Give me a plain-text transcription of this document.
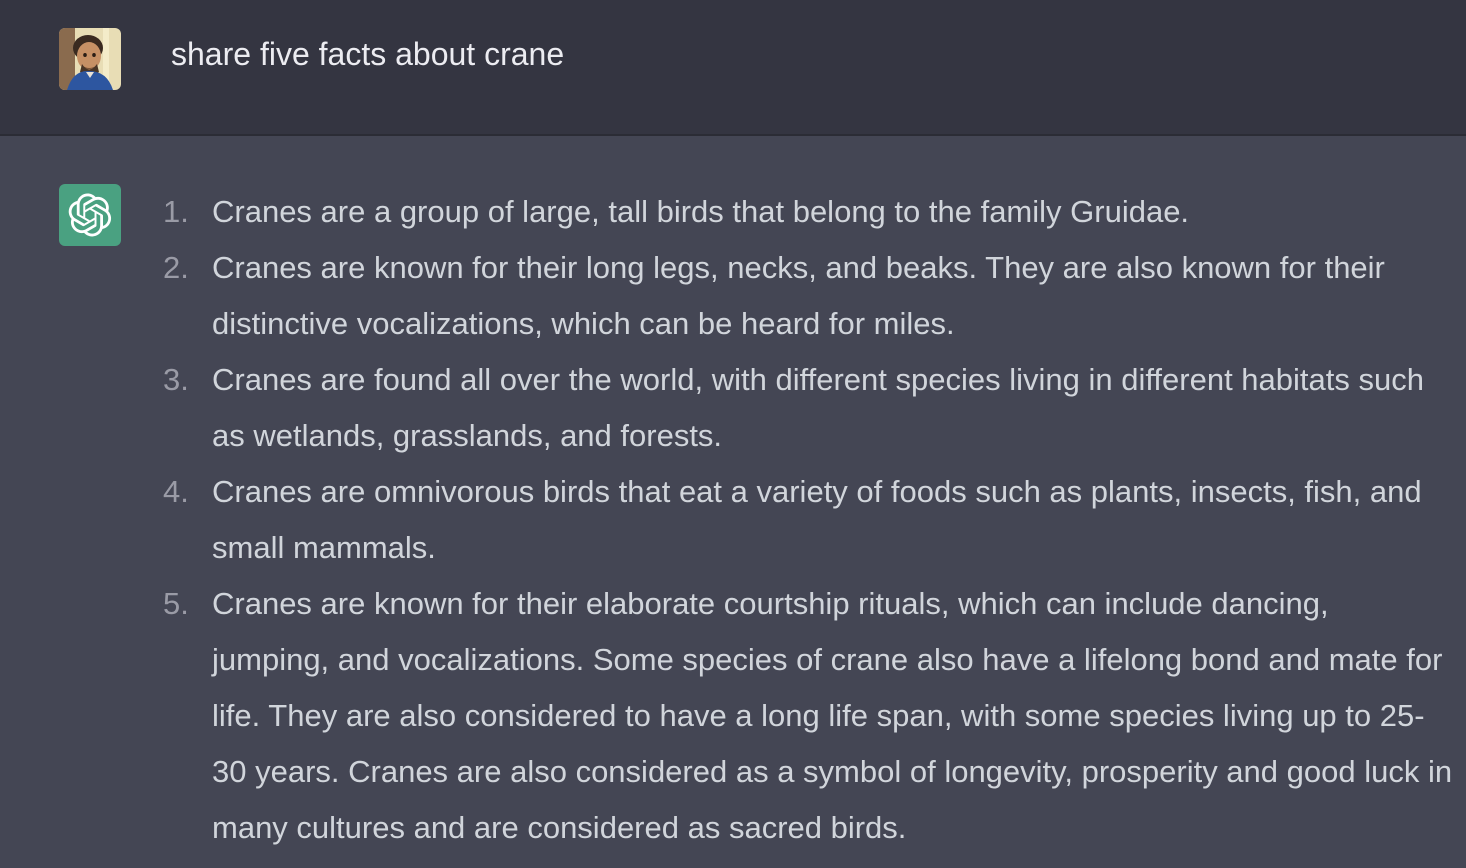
share five facts about crane
1. Cranes are a group of large, tall birds that belong to the family Gruidae.
2. Cranes are known for their long legs, necks, and beaks. They are also known for their distinctive vocalizations, which can be heard for miles.
3. Cranes are found all over the world, with different species living in different habitats such as wetlands, grasslands, and forests.
4. Cranes are omnivorous birds that eat a variety of foods such as plants, insects, fish, and small mammals.
5. Cranes are known for their elaborate courtship rituals, which can include dancing, jumping, and vocalizations. Some species of crane also have a lifelong bond and mate for life. They are also considered to have a long life span, with some species living up to 25-30 years. Cranes are also considered as a symbol of longevity, prosperity and good luck in many cultures and are considered as sacred birds.
